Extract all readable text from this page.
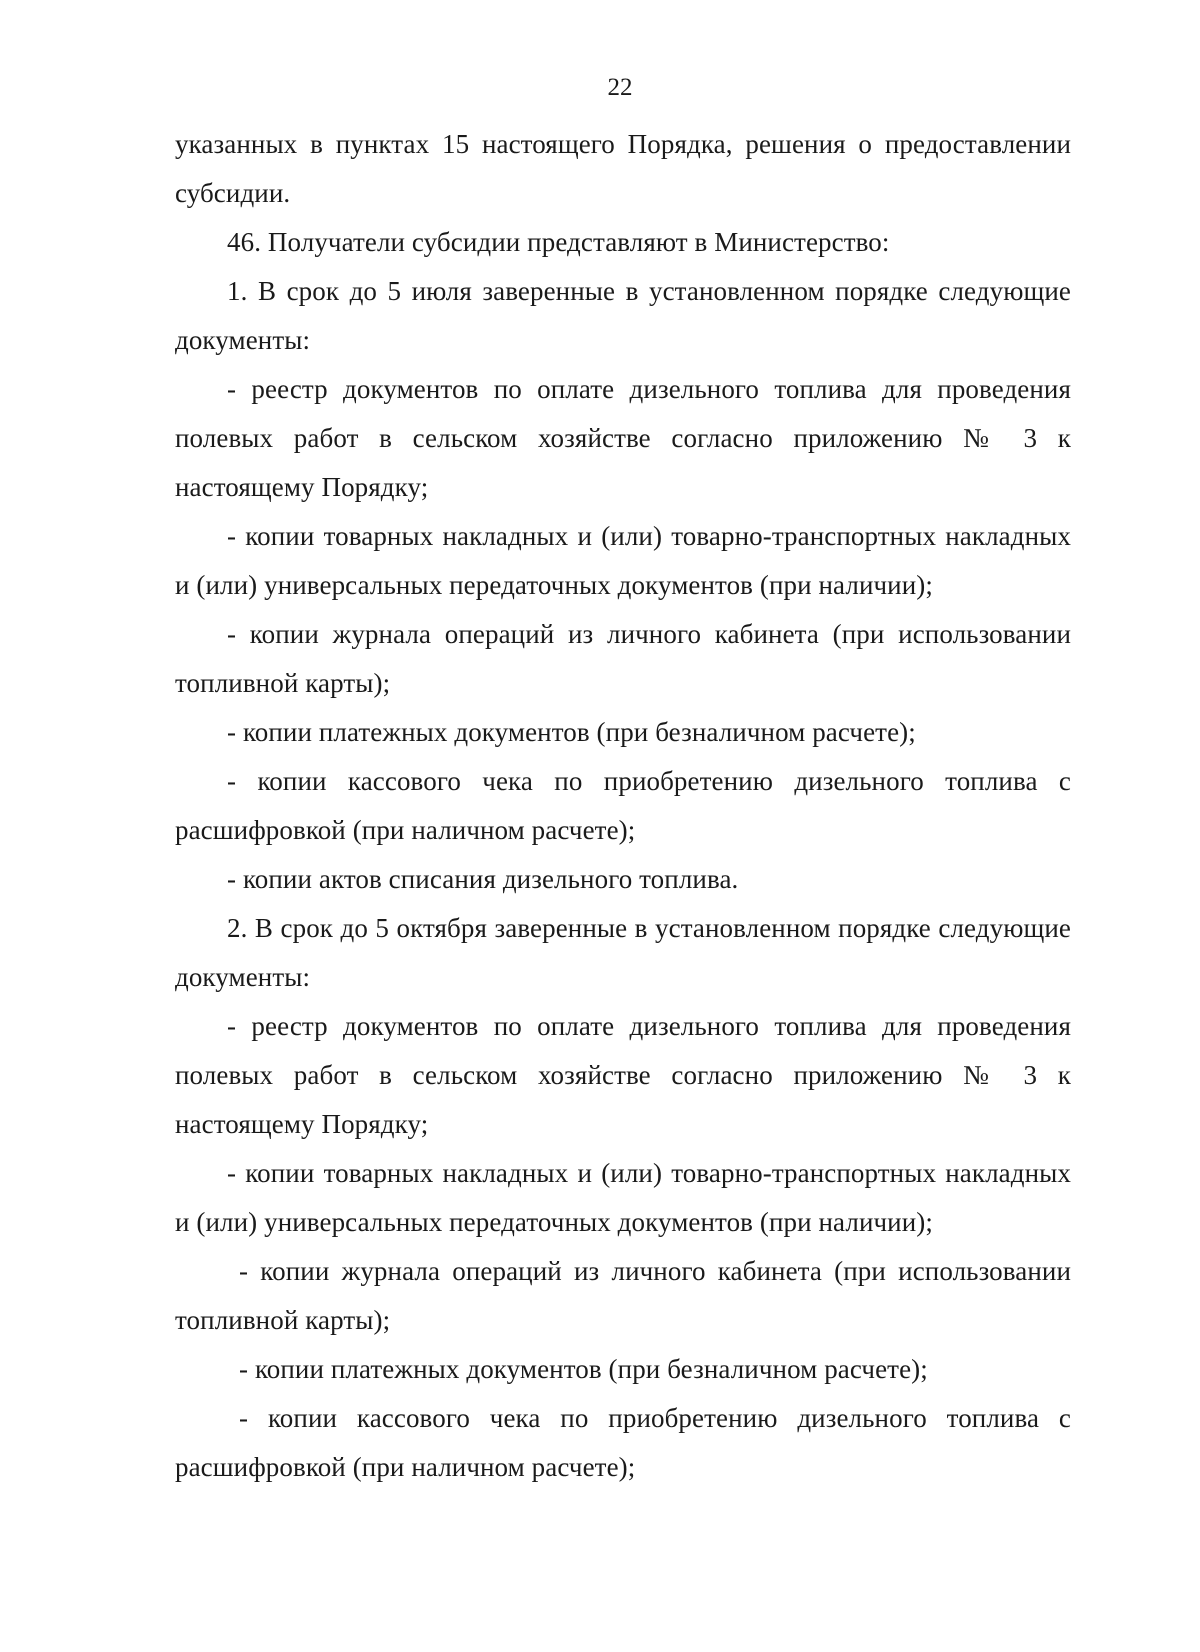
22

указанных в пунктах 15 настоящего Порядка, решения о предоставлении субсидии.

46. Получатели субсидии представляют в Министерство:

1. В срок до 5 июля заверенные в установленном порядке следующие документы:

- реестр документов по оплате дизельного топлива для проведения полевых работ в сельском хозяйстве согласно приложению № 3 к настоящему Порядку;

- копии товарных накладных и (или) товарно-транспортных накладных и (или) универсальных передаточных документов (при наличии);

- копии журнала операций из личного кабинета (при использовании топливной карты);

- копии платежных документов (при безналичном расчете);

- копии кассового чека по приобретению дизельного топлива с расшифровкой (при наличном расчете);

- копии актов списания дизельного топлива.

2. В срок до 5 октября заверенные в установленном порядке следующие документы:

- реестр документов по оплате дизельного топлива для проведения полевых работ в сельском хозяйстве согласно приложению № 3 к настоящему Порядку;

- копии товарных накладных и (или) товарно-транспортных накладных и (или) универсальных передаточных документов (при наличии);

- копии журнала операций из личного кабинета (при использовании топливной карты);

- копии платежных документов (при безналичном расчете);

- копии кассового чека по приобретению дизельного топлива с расшифровкой (при наличном расчете);
